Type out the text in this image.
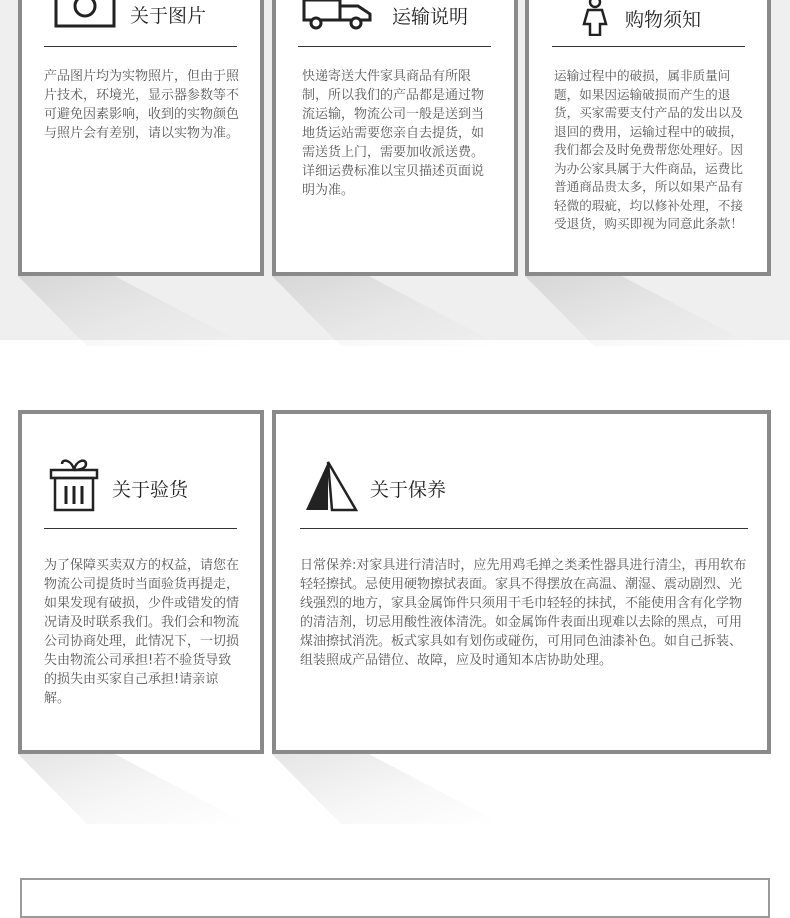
关于图片

产品图片均为实物照片，但由于照片技术，环境光，显示器参数等不可避免因素影响，收到的实物颜色与照片会有差别，请以实物为准。

运输说明

快递寄送大件家具商品有所限制，所以我们的产品都是通过物流运输，物流公司一般是送到当地货运站需要您亲自去提货，如需送货上门，需要加收派送费。详细运费标准以宝贝描述页面说明为准。

购物须知

运输过程中的破损，属非质量问题，如果因运输破损而产生的退货，买家需要支付产品的发出以及退回的费用，运输过程中的破损，我们都会及时免费帮您处理好。因为办公家具属于大件商品，运费比普通商品贵太多，所以如果产品有轻微的瑕疵，均以修补处理，不接受退货，购买即视为同意此条款！

关于验货

为了保障买卖双方的权益，请您在物流公司提货时当面验货再提走，如果发现有破损，少件或错发的情况请及时联系我们。我们会和物流公司协商处理，此情况下，一切损失由物流公司承担!若不验货导致的损失由买家自己承担!请亲谅解。

关于保养

日常保养:对家具进行清洁时，应先用鸡毛掸之类柔性器具进行清尘，再用软布轻轻擦拭。忌使用硬物擦拭表面。家具不得摆放在高温、潮湿、震动剧烈、光线强烈的地方，家具金属饰件只须用干毛巾轻轻的抹拭，不能使用含有化学物的清洁剂，切忌用酸性液体清洗。如金属饰件表面出现难以去除的黑点，可用煤油擦拭消洗。板式家具如有划伤或碰伤，可用同色油漆补色。如自己拆装、组装照成产品错位、故障，应及时通知本店协助处理。
